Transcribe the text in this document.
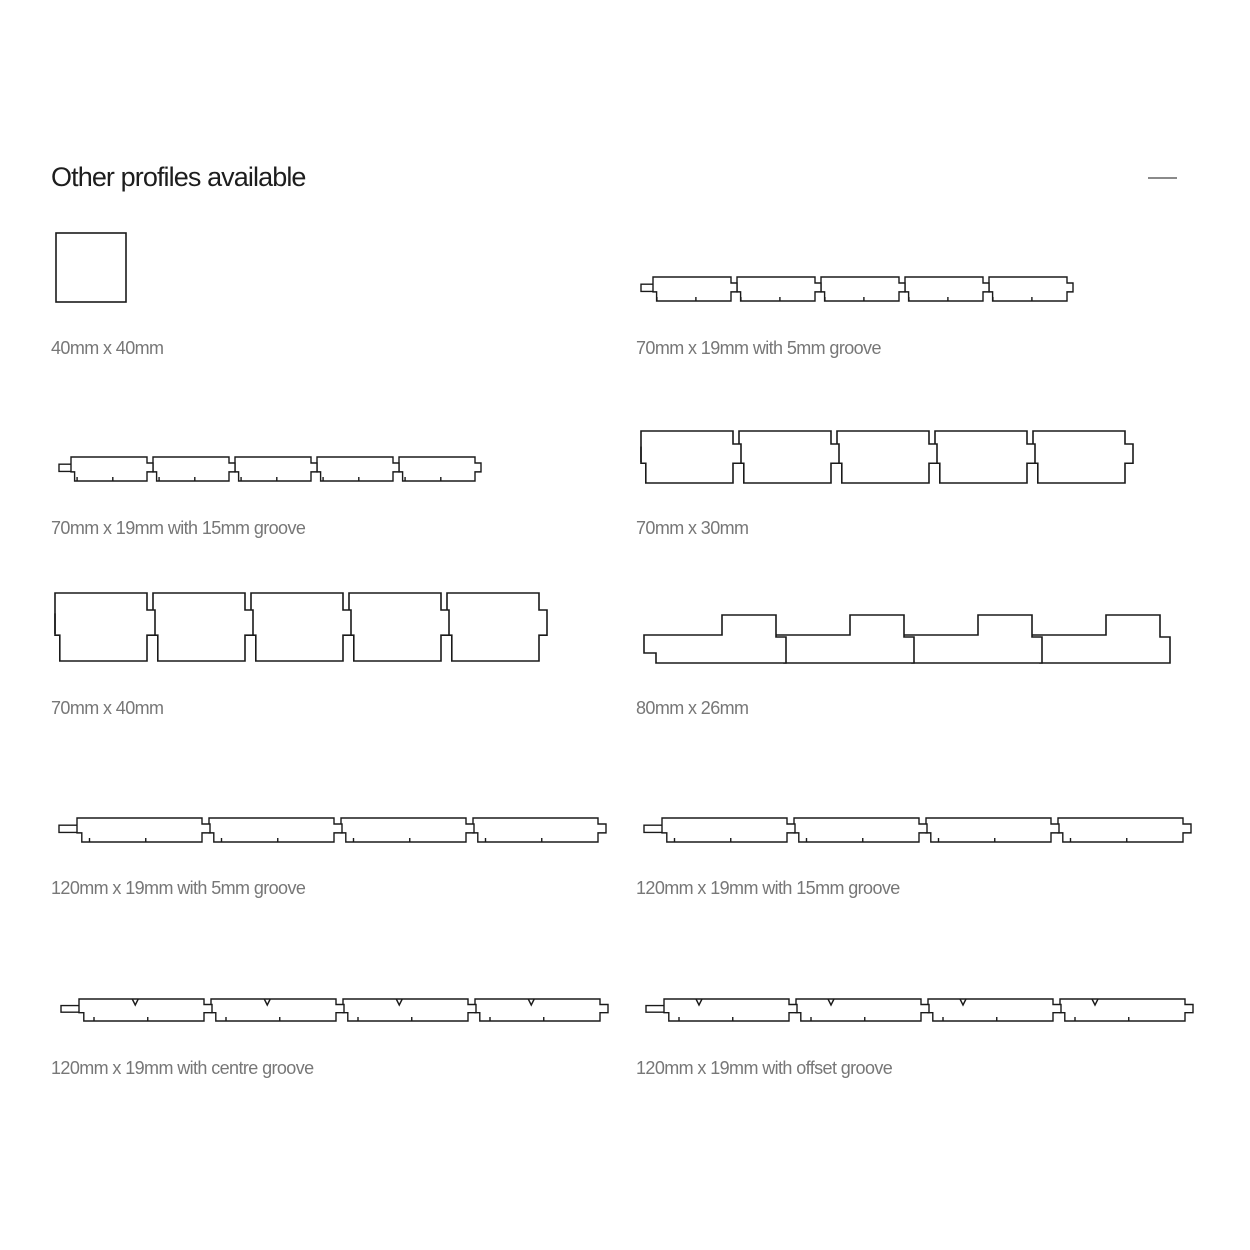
Other profiles available
40mm x 40mm
70mm x 19mm with 15mm groove
70mm x 40mm
120mm x 19mm with 5mm groove
120mm x 19mm with centre groove
70mm x 19mm with 5mm groove
70mm x 30mm
80mm x 26mm
120mm x 19mm with 15mm groove
120mm x 19mm with offset groove
